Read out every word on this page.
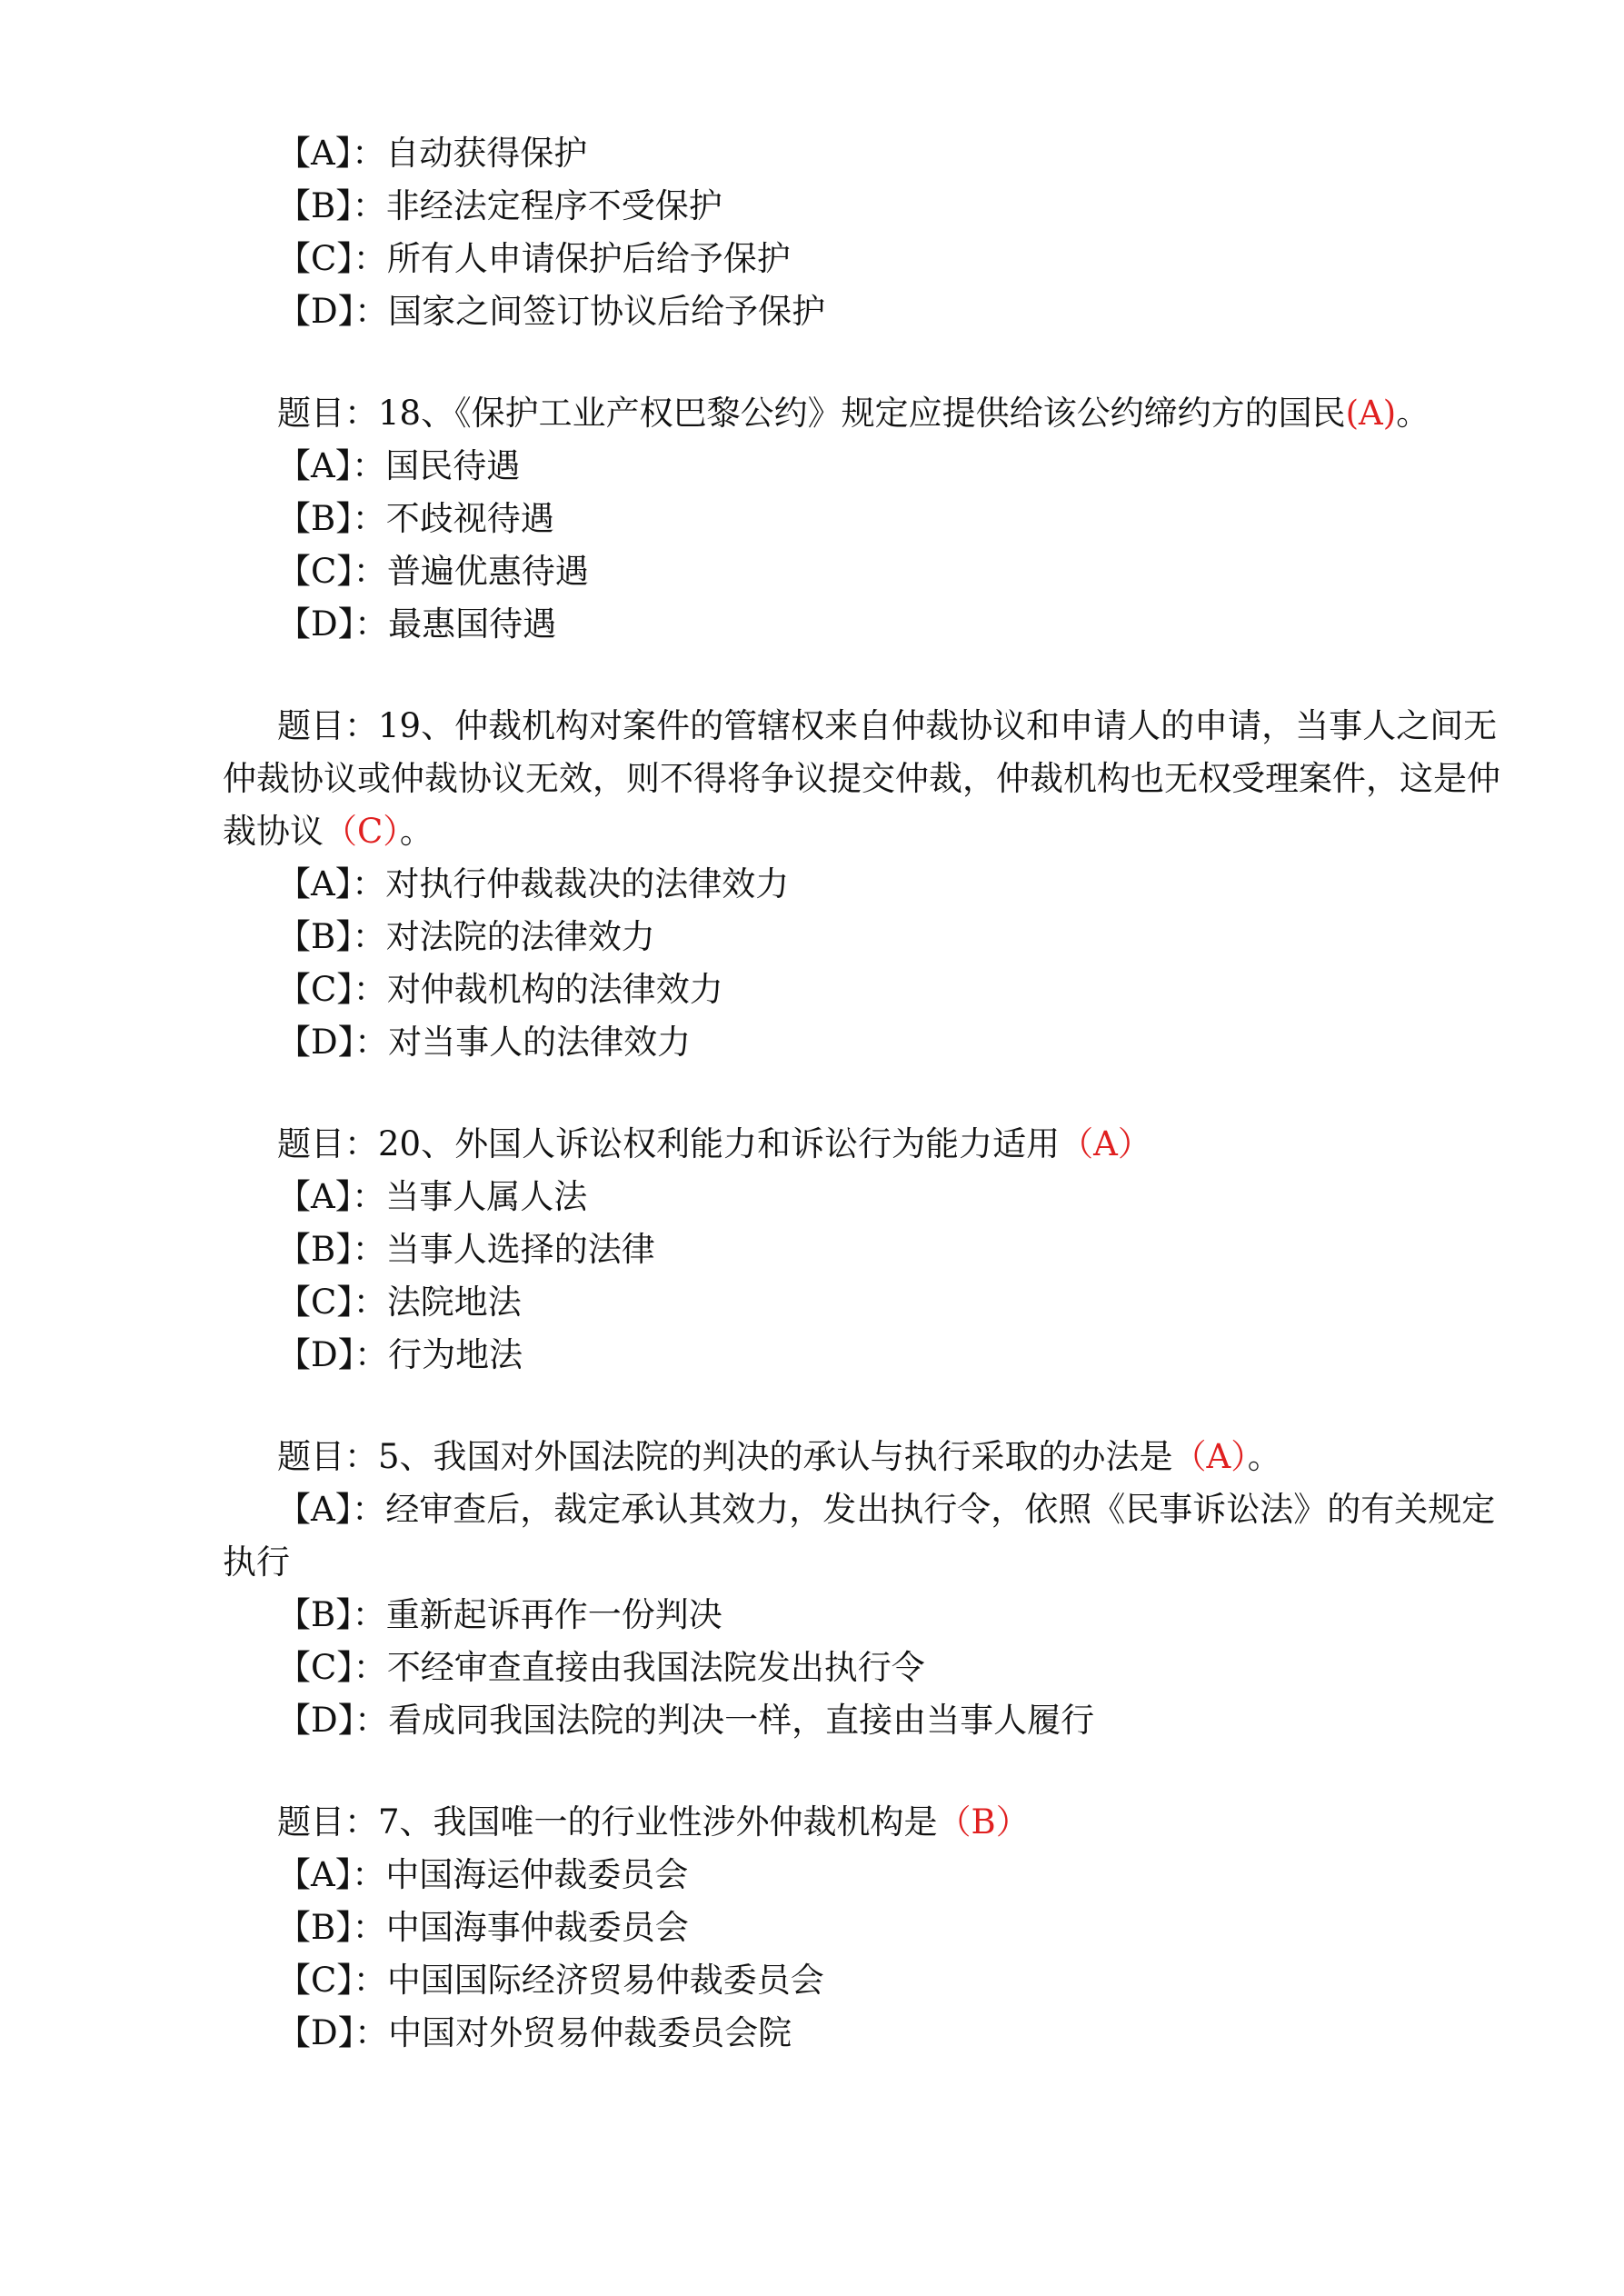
【A】：自动获得保护

【B】：非经法定程序不受保护

【C】：所有人申请保护后给予保护

【D】：国家之间签订协议后给予保护

题目：18、《保护工业产权巴黎公约》规定应提供给该公约缔约方的国民(A)。

【A】：国民待遇

【B】：不歧视待遇

【C】：普遍优惠待遇

【D】：最惠国待遇

题目：19、仲裁机构对案件的管辖权来自仲裁协议和申请人的申请，当事人之间无仲裁协议或仲裁协议无效，则不得将争议提交仲裁，仲裁机构也无权受理案件，这是仲裁协议（C）。

【A】：对执行仲裁裁决的法律效力

【B】：对法院的法律效力

【C】：对仲裁机构的法律效力

【D】：对当事人的法律效力

题目：20、外国人诉讼权利能力和诉讼行为能力适用（A）

【A】：当事人属人法

【B】：当事人选择的法律

【C】：法院地法

【D】：行为地法

题目：5、我国对外国法院的判决的承认与执行采取的办法是（A）。

【A】：经审查后，裁定承认其效力，发出执行令，依照《民事诉讼法》的有关规定执行

【B】：重新起诉再作一份判决

【C】：不经审查直接由我国法院发出执行令

【D】：看成同我国法院的判决一样，直接由当事人履行

题目：7、我国唯一的行业性涉外仲裁机构是（B）

【A】：中国海运仲裁委员会

【B】：中国海事仲裁委员会

【C】：中国国际经济贸易仲裁委员会

【D】：中国对外贸易仲裁委员会院
